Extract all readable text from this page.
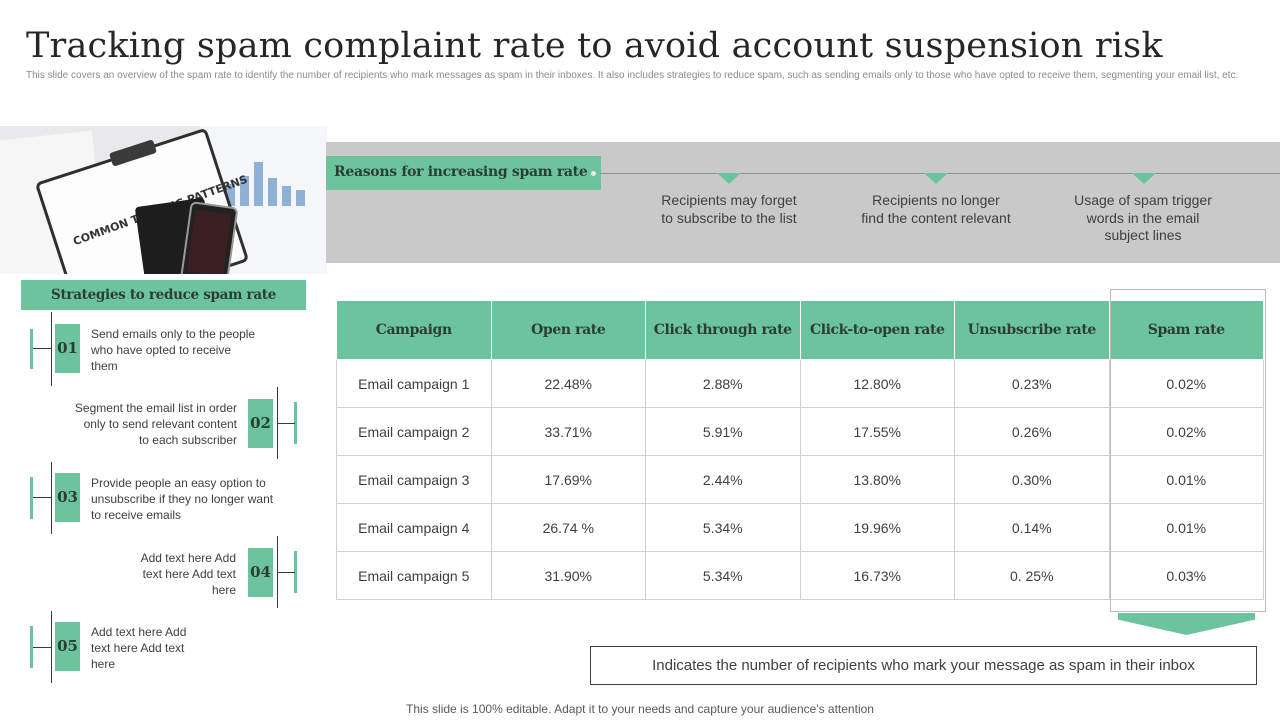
Tracking spam complaint rate to avoid account suspension risk
This slide covers an overview of the spam rate to identify the number of recipients who mark messages as spam in their inboxes. It also includes strategies to reduce spam, such as sending emails only to those who have opted to receive them, segmenting your email list, etc.
COMMON PATTERNS
Reasons for increasing spam rate
Recipients may forget to subscribe to the list
Recipients no longer find the content relevant
Usage of spam trigger words in the email subject lines
Strategies to reduce spam rate
01
Send emails only to the people who have opted to receive them
02
Segment the email list in order only to send relevant content to each subscriber
03
Provide people an easy option to unsubscribe if they no longer want to receive emails
04
Add text here Add text here Add text here
05
Add text here Add text here Add text here
Campaign	Open rate	Click through rate	Click-to-open rate	Unsubscribe rate	Spam rate
Email campaign 1	22.48%	2.88%	12.80%	0.23%	0.02%
Email campaign 2	33.71%	5.91%	17.55%	0.26%	0.02%
Email campaign 3	17.69%	2.44%	13.80%	0.30%	0.01%
Email campaign 4	26.74 %	5.34%	19.96%	0.14%	0.01%
Email campaign 5	31.90%	5.34%	16.73%	0. 25%	0.03%
Indicates the number of recipients who mark your message as spam in their inbox
This slide is 100% editable. Adapt it to your needs and capture your audience's attention
